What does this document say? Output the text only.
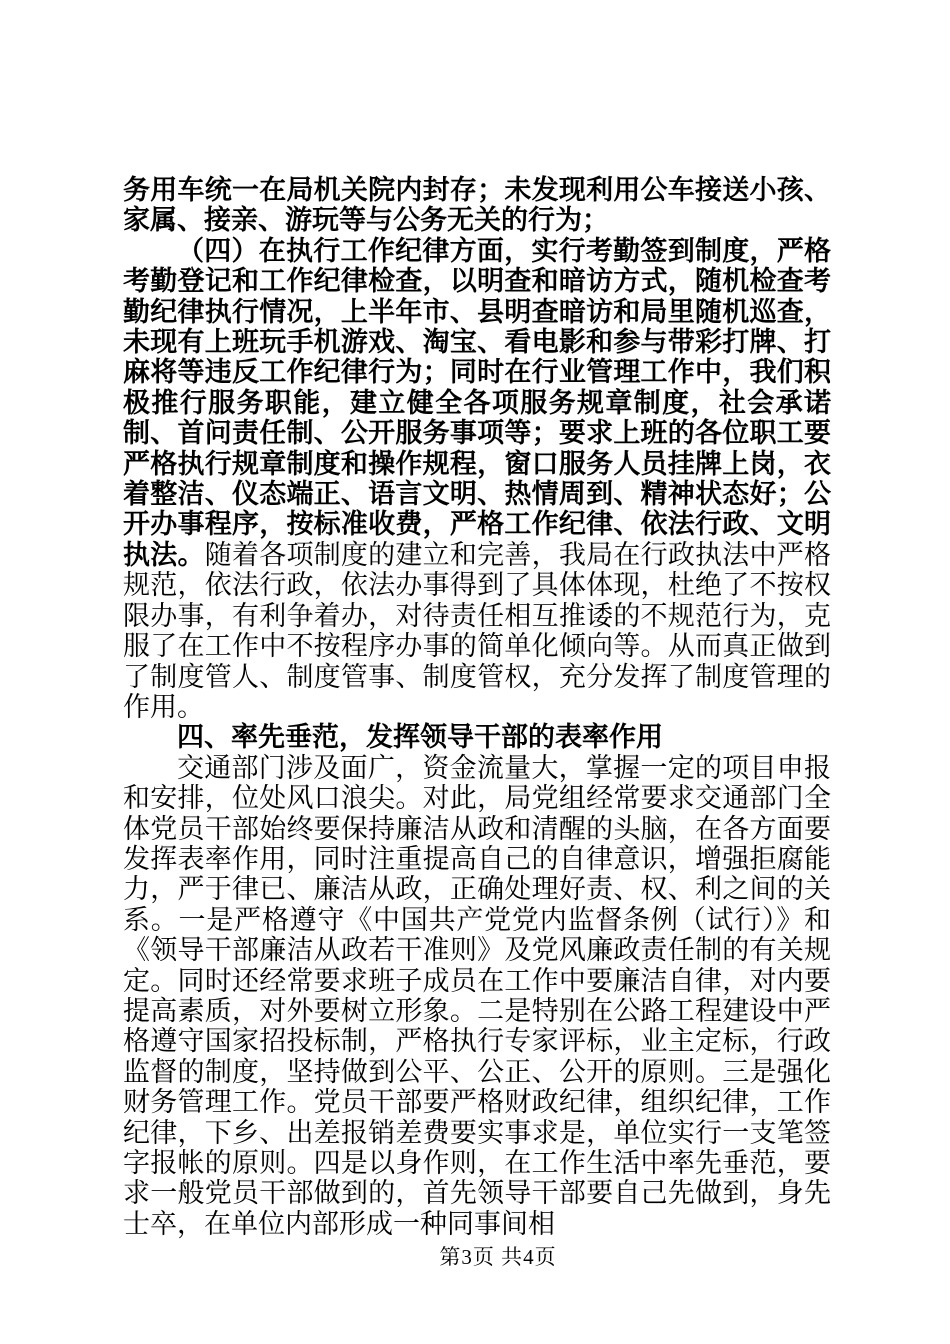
务用车统一在局机关院内封存；未发现利用公车接送小孩、家属、接亲、游玩等与公务无关的行为；

（四）在执行工作纪律方面，实行考勤签到制度，严格考勤登记和工作纪律检查，以明查和暗访方式，随机检查考勤纪律执行情况，上半年市、县明查暗访和局里随机巡查，未现有上班玩手机游戏、淘宝、看电影和参与带彩打牌、打麻将等违反工作纪律行为；同时在行业管理工作中，我们积极推行服务职能，建立健全各项服务规章制度，社会承诺制、首问责任制、公开服务事项等；要求上班的各位职工要严格执行规章制度和操作规程，窗口服务人员挂牌上岗，衣着整洁、仪态端正、语言文明、热情周到、精神状态好；公开办事程序，按标准收费，严格工作纪律、依法行政、文明执法。随着各项制度的建立和完善，我局在行政执法中严格规范，依法行政，依法办事得到了具体体现，杜绝了不按权限办事，有利争着办，对待责任相互推诿的不规范行为，克服了在工作中不按程序办事的简单化倾向等。从而真正做到了制度管人、制度管事、制度管权，充分发挥了制度管理的作用。

四、率先垂范，发挥领导干部的表率作用

交通部门涉及面广，资金流量大，掌握一定的项目申报和安排，位处风口浪尖。对此，局党组经常要求交通部门全体党员干部始终要保持廉洁从政和清醒的头脑，在各方面要发挥表率作用，同时注重提高自己的自律意识，增强拒腐能力，严于律已、廉洁从政，正确处理好责、权、利之间的关系。一是严格遵守《中国共产党党内监督条例（试行）》和《领导干部廉洁从政若干准则》及党风廉政责任制的有关规定。同时还经常要求班子成员在工作中要廉洁自律，对内要提高素质，对外要树立形象。二是特别在公路工程建设中严格遵守国家招投标制，严格执行专家评标，业主定标，行政监督的制度，坚持做到公平、公正、公开的原则。三是强化财务管理工作。党员干部要严格财政纪律，组织纪律，工作纪律，下乡、出差报销差费要实事求是，单位实行一支笔签字报帐的原则。四是以身作则，在工作生活中率先垂范，要求一般党员干部做到的，首先领导干部要自己先做到，身先士卒，在单位内部形成一种同事间相

第3页 共4页
